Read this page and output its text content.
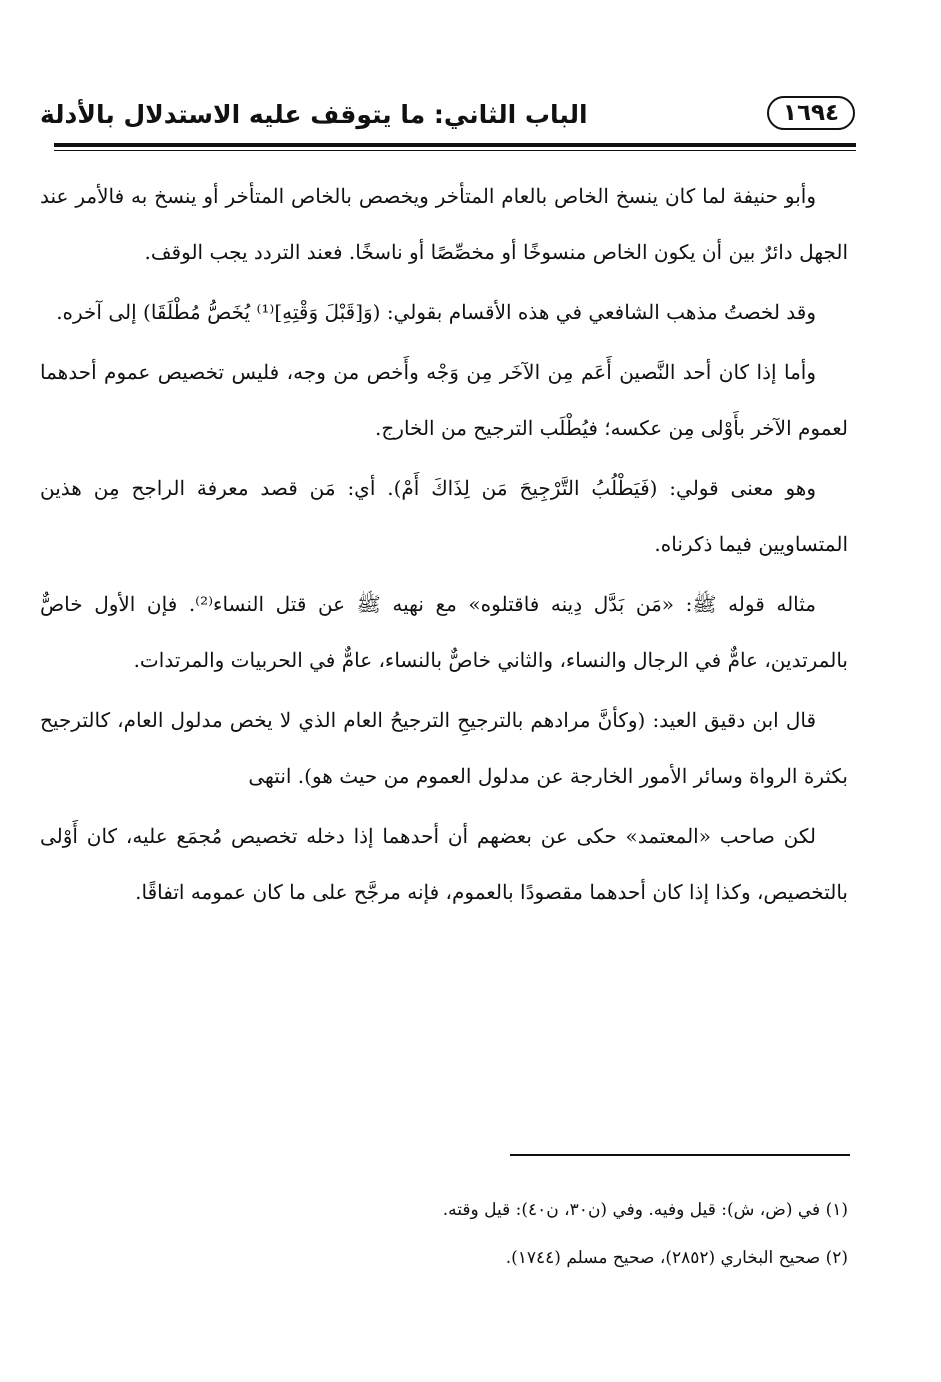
الباب الثاني: ما يتوقف عليه الاستدلال بالأدلة	١٦٩٤

وأبو حنيفة لما كان ينسخ الخاص بالعام المتأخر ويخصص بالخاص المتأخر أو ينسخ به فالأمر عند الجهل دائرٌ بين أن يكون الخاص منسوخًا أو مخصِّصًا أو ناسخًا. فعند التردد يجب الوقف.

وقد لخصتُ مذهب الشافعي في هذه الأقسام بقولي: (وَ[قَبْلَ وَقْتِهِ]⁽¹⁾ يُخَصُّ مُطْلَقَا) إلى آخره.

وأما إذا كان أحد النَّصين أَعَم مِن الآخَر مِن وَجْه وأَخص من وجه، فليس تخصيص عموم أحدهما لعموم الآخر بأَوْلى مِن عكسه؛ فيُطْلَب الترجيح من الخارج.

وهو معنى قولي: (فَيَطْلُبُ التَّرْجِيحَ مَن لِذَاكَ أَمْ). أي: مَن قصد معرفة الراجح مِن هذين المتساويين فيما ذكرناه.

مثاله قوله ﷺ: «مَن بَدَّل دِينه فاقتلوه» مع نهيه ﷺ عن قتل النساء⁽²⁾. فإن الأول خاصٌّ بالمرتدين، عامٌّ في الرجال والنساء، والثاني خاصٌّ بالنساء، عامٌّ في الحربيات والمرتدات.

قال ابن دقيق العيد: (وكأنَّ مرادهم بالترجيحِ الترجيحُ العام الذي لا يخص مدلول العام، كالترجيح بكثرة الرواة وسائر الأمور الخارجة عن مدلول العموم من حيث هو). انتهى

لكن صاحب «المعتمد» حكى عن بعضهم أن أحدهما إذا دخله تخصيص مُجمَع عليه، كان أَوْلى بالتخصيص، وكذا إذا كان أحدهما مقصودًا بالعموم، فإنه مرجَّح على ما كان عمومه اتفاقًا.

(١) في (ض، ش): قيل وفيه. وفي (ن٣٠، ن٤٠): قيل وقته.

(٢) صحيح البخاري (٢٨٥٢)، صحيح مسلم (١٧٤٤).
